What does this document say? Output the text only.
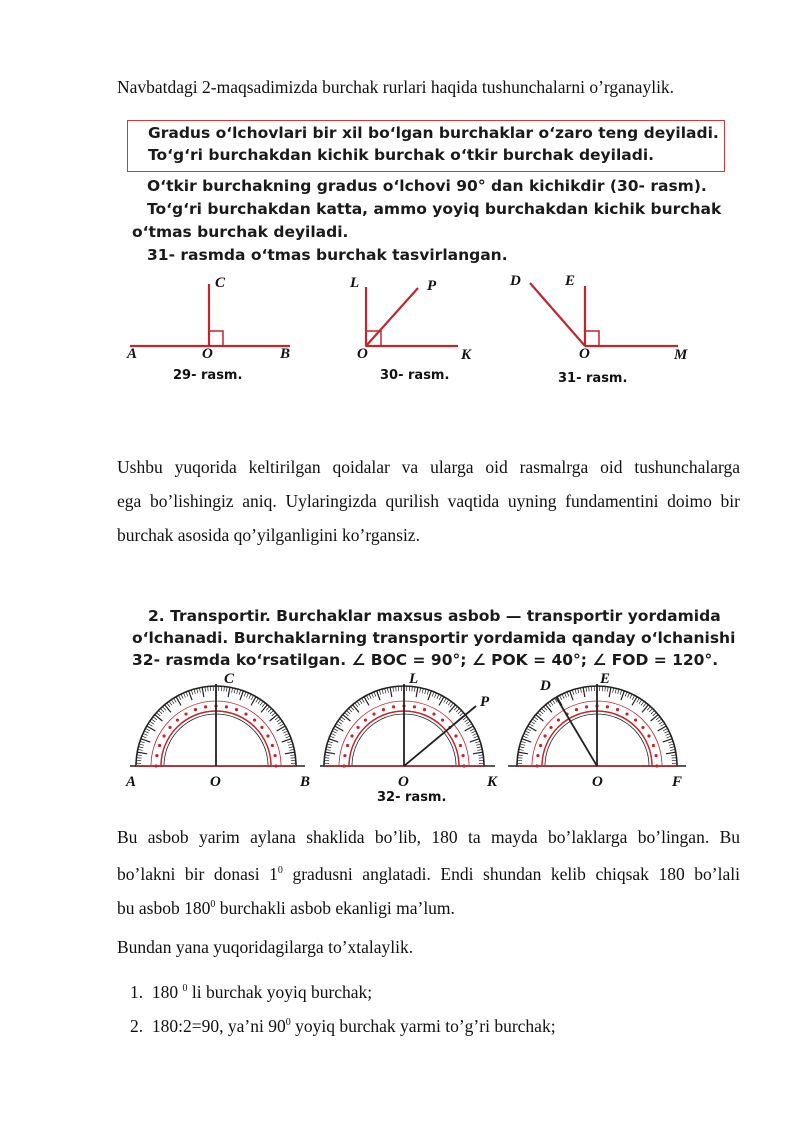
Navbatdagi 2-maqsadimizda burchak rurlari haqida tushunchalarni o’rganaylik.
Gradus o‘lchovlari bir xil bo‘lgan burchaklar o‘zaro teng deyiladi.
To‘g‘ri burchakdan kichik burchak o‘tkir burchak deyiladi.
O‘tkir burchakning gradus o‘lchovi 90° dan kichikdir (30- rasm).
To‘g‘ri burchakdan katta, ammo yoyiq burchakdan kichik burchak
o‘tmas burchak deyiladi.
31- rasmda o‘tmas burchak tasvirlangan.
C
A	O	B
L	P
O	K
D	E
O	M
29- rasm.	30- rasm.	31- rasm.
Ushbu yuqorida keltirilgan qoidalar va ularga oid rasmalrga oid tushunchalarga
ega bo’lishingiz aniq. Uylaringizda qurilish vaqtida uyning fundamentini doimo bir
burchak asosida qo’yilganligini ko’rgansiz.
2. Transportir. Burchaklar maxsus asbob — transportir yordamida
o‘lchanadi. Burchaklarning transportir yordamida qanday o‘lchanishi
32- rasmda ko‘rsatilgan. ∠ BOC = 90°; ∠ POK = 40°; ∠ FOD = 120°.
C
A	O	B
L
P
O	K
D	E
O	F
32- rasm.
Bu asbob yarim aylana shaklida bo’lib, 180 ta mayda bo’laklarga bo’lingan. Bu
bo’lakni bir donasi $1^0$ gradusni anglatadi. Endi shundan kelib chiqsak 180 bo’lali
bu asbob $180^0$ burchakli asbob ekanligi ma’lum.
Bundan yana yuqoridagilarga to’xtalaylik.
1. 180 $^0$ li burchak yoyiq burchak;
2. 180:2=90, ya’ni $90^0$ yoyiq burchak yarmi to’g’ri burchak;
